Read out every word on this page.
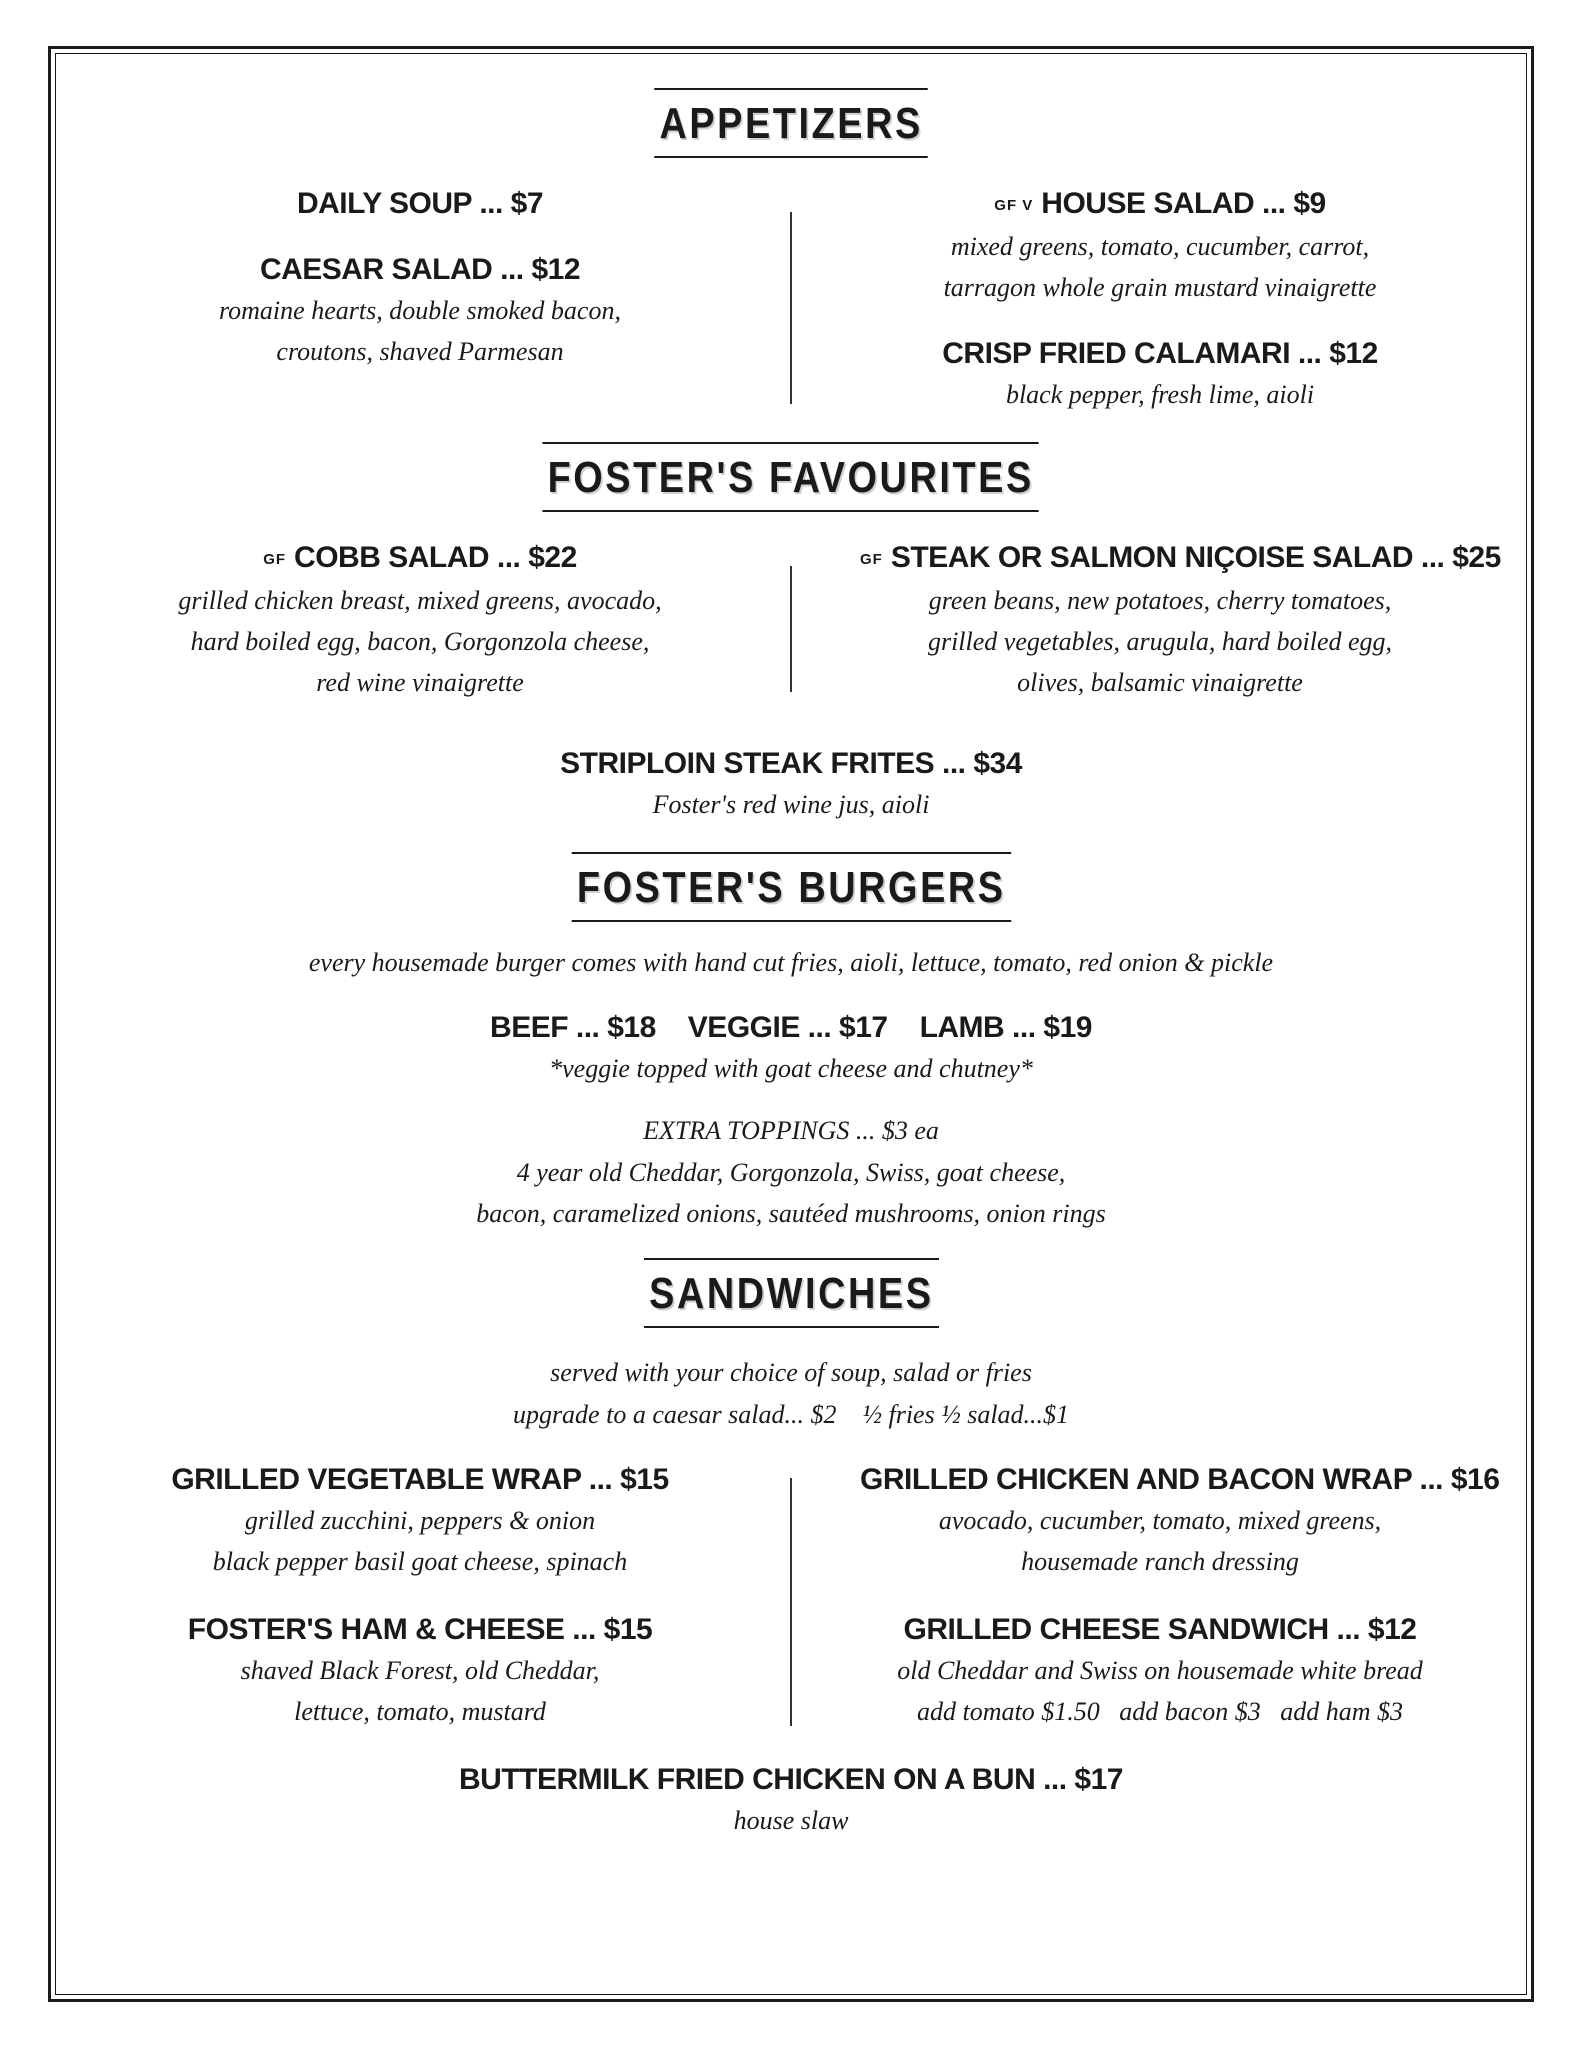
APPETIZERS
DAILY SOUP ... $7
CAESAR SALAD ... $12
romaine hearts, double smoked bacon,
croutons, shaved Parmesan
GF V HOUSE SALAD ... $9
mixed greens, tomato, cucumber, carrot,
tarragon whole grain mustard vinaigrette
CRISP FRIED CALAMARI ... $12
black pepper, fresh lime, aioli
FOSTER'S FAVOURITES
GF COBB SALAD ... $22
grilled chicken breast, mixed greens, avocado,
hard boiled egg, bacon, Gorgonzola cheese,
red wine vinaigrette
GF STEAK OR SALMON NIÇOISE SALAD ... $25
green beans, new potatoes, cherry tomatoes,
grilled vegetables, arugula, hard boiled egg,
olives, balsamic vinaigrette
STRIPLOIN STEAK FRITES ... $34
Foster's red wine jus, aioli
FOSTER'S BURGERS
every housemade burger comes with hand cut fries, aioli, lettuce, tomato, red onion & pickle
BEEF ... $18 VEGGIE ... $17 LAMB ... $19
*veggie topped with goat cheese and chutney*
EXTRA TOPPINGS ... $3 ea
4 year old Cheddar, Gorgonzola, Swiss, goat cheese,
bacon, caramelized onions, sautéed mushrooms, onion rings
SANDWICHES
served with your choice of soup, salad or fries
upgrade to a caesar salad... $2    ½ fries ½ salad...$1
GRILLED VEGETABLE WRAP ... $15
grilled zucchini, peppers & onion
black pepper basil goat cheese, spinach
FOSTER'S HAM & CHEESE ... $15
shaved Black Forest, old Cheddar,
lettuce, tomato, mustard
GRILLED CHICKEN AND BACON WRAP ... $16
avocado, cucumber, tomato, mixed greens,
housemade ranch dressing
GRILLED CHEESE SANDWICH ... $12
old Cheddar and Swiss on housemade white bread
add tomato $1.50   add bacon $3   add ham $3
BUTTERMILK FRIED CHICKEN ON A BUN ... $17
house slaw
